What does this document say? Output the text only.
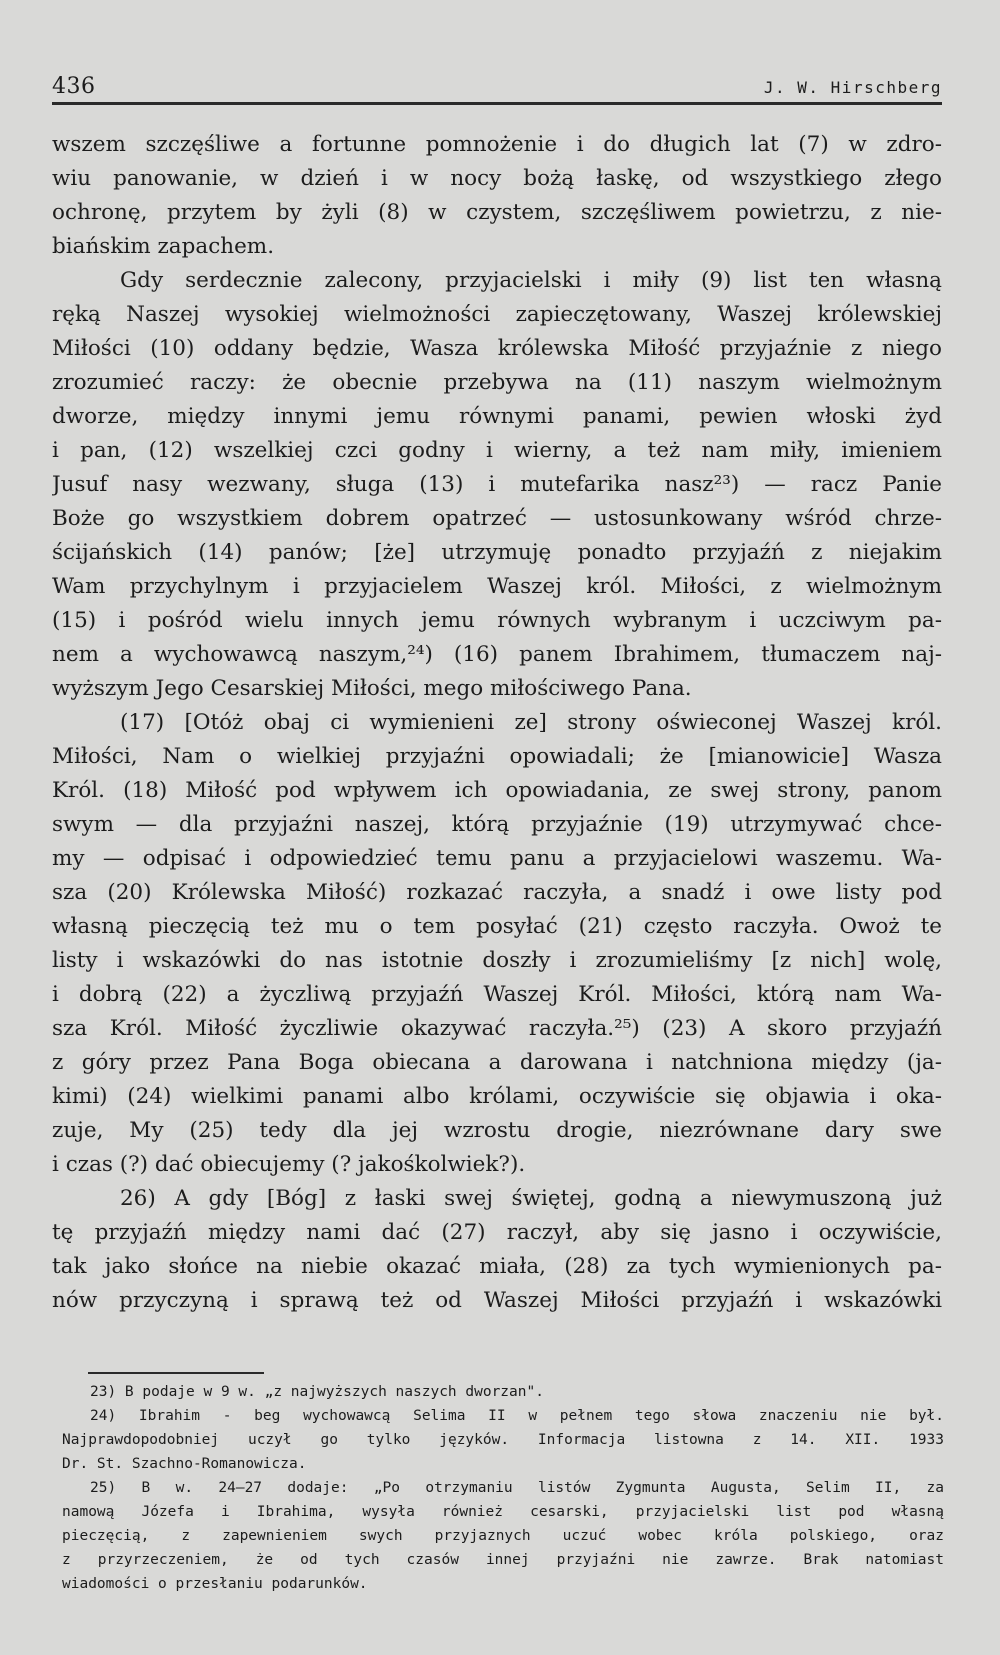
436	J. W. Hirschberg
wszem szczęśliwe a fortunne pomnożenie i do długich lat (7) w zdro-
wiu panowanie, w dzień i w nocy bożą łaskę, od wszystkiego złego
ochronę, przytem by żyli (8) w czystem, szczęśliwem powietrzu, z nie-
biańskim zapachem.
Gdy serdecznie zalecony, przyjacielski i miły (9) list ten własną
ręką Naszej wysokiej wielmożności zapieczętowany, Waszej królewskiej
Miłości (10) oddany będzie, Wasza królewska Miłość przyjaźnie z niego
zrozumieć raczy: że obecnie przebywa na (11) naszym wielmożnym
dworze, między innymi jemu równymi panami, pewien włoski żyd
i pan, (12) wszelkiej czci godny i wierny, a też nam miły, imieniem
Jusuf nasy wezwany, sługa (13) i mutefarika nasz²³) — racz Panie
Boże go wszystkiem dobrem opatrzeć — ustosunkowany wśród chrze-
ścijańskich (14) panów; [że] utrzymuję ponadto przyjaźń z niejakim
Wam przychylnym i przyjacielem Waszej król. Miłości, z wielmożnym
(15) i pośród wielu innych jemu równych wybranym i uczciwym pa-
nem a wychowawcą naszym,²⁴) (16) panem Ibrahimem, tłumaczem naj-
wyższym Jego Cesarskiej Miłości, mego miłościwego Pana.
(17) [Otóż obaj ci wymienieni ze] strony oświeconej Waszej król.
Miłości, Nam o wielkiej przyjaźni opowiadali; że [mianowicie] Wasza
Król. (18) Miłość pod wpływem ich opowiadania, ze swej strony, panom
swym — dla przyjaźni naszej, którą przyjaźnie (19) utrzymywać chce-
my — odpisać i odpowiedzieć temu panu a przyjacielowi waszemu. Wa-
sza (20) Królewska Miłość) rozkazać raczyła, a snadź i owe listy pod
własną pieczęcią też mu o tem posyłać (21) często raczyła. Owoż te
listy i wskazówki do nas istotnie doszły i zrozumieliśmy [z nich] wolę,
i dobrą (22) a życzliwą przyjaźń Waszej Król. Miłości, którą nam Wa-
sza Król. Miłość życzliwie okazywać raczyła.²⁵) (23) A skoro przyjaźń
z góry przez Pana Boga obiecana a darowana i natchniona między (ja-
kimi) (24) wielkimi panami albo królami, oczywiście się objawia i oka-
zuje, My (25) tedy dla jej wzrostu drogie, niezrównane dary swe
i czas (?) dać obiecujemy (? jakośkolwiek?).
26) A gdy [Bóg] z łaski swej świętej, godną a niewymuszoną już
tę przyjaźń między nami dać (27) raczył, aby się jasno i oczywiście,
tak jako słońce na niebie okazać miała, (28) za tych wymienionych pa-
nów przyczyną i sprawą też od Waszej Miłości przyjaźń i wskazówki
23) B podaje w 9 w. „z najwyższych naszych dworzan".
24) Ibrahim - beg wychowawcą Selima II w pełnem tego słowa znaczeniu nie był.
Najprawdopodobniej uczył go tylko języków. Informacja listowna z 14. XII. 1933
Dr. St. Szachno-Romanowicza.
25) B w. 24—27 dodaje: „Po otrzymaniu listów Zygmunta Augusta, Selim II, za
namową Józefa i Ibrahima, wysyła również cesarski, przyjacielski list pod własną
pieczęcią, z zapewnieniem swych przyjaznych uczuć wobec króla polskiego, oraz
z przyrzeczeniem, że od tych czasów innej przyjaźni nie zawrze. Brak natomiast
wiadomości o przesłaniu podarunków.
